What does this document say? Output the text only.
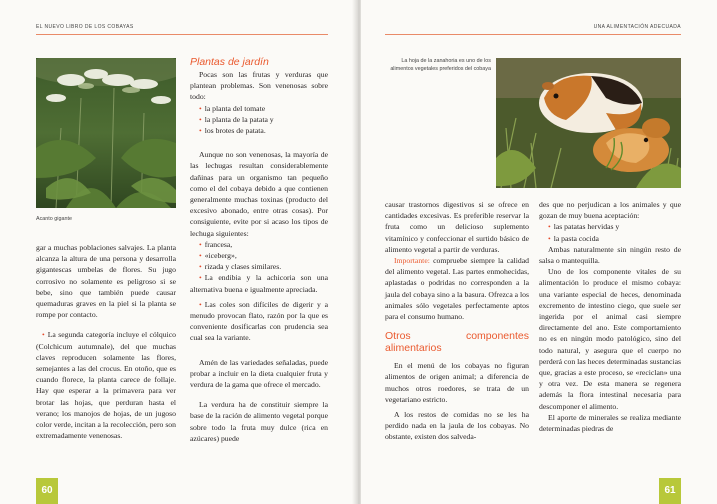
EL NUEVO LIBRO DE LOS COBAYAS
Acanto gigante

gar a muchas poblaciones salvajes. La planta alcanza la altura de una persona y desarrolla gigantescas umbelas de flores. Su jugo corrosivo no solamente es peligroso si se bebe, sino que también puede causar quemaduras graves en la piel si la planta se rompe por contacto.

• La segunda categoría incluye el cólquico (Colchicum autumnale), del que muchas claves reproducen solamente las flores, semejantes a las del crocus. En otoño, que es cuando florece, la planta carece de follaje. Hay que esperar a la primavera para ver brotar las hojas, que perduran hasta el verano; los manojos de hojas, de un jugoso color verde, incitan a la recolección, pero son extremadamente venenosas.
Plantas de jardín

Pocas son las frutas y verduras que plantean problemas. Son venenosas sobre todo:

• la planta del tomate
• la planta de la patata y
• los brotes de patata.

Aunque no son venenosas, la mayoría de las lechugas resultan considerablemente dañinas para un organismo tan pequeño como el del cobaya debido a que contienen generalmente muchas toxinas (producto del excesivo abonado, entre otras cosas). Por consiguiente, evite por si acaso los tipos de lechuga siguientes:

• francesa,
• «iceberg»,
• rizada y clases similares.
• La endibia y la achicoria son una alternativa buena e igualmente apreciada.
• Las coles son difíciles de digerir y a menudo provocan flato, razón por la que es conveniente dosificarlas con prudencia sea cual sea la variante.

Amén de las variedades señaladas, puede probar a incluir en la dieta cualquier fruta y verdura de la gama que ofrece el mercado.

La verdura ha de constituir siempre la base de la ración de alimento vegetal porque sobre todo la fruta muy dulce (rica en azúcares) puede

60
UNA ALIMENTACIÓN ADECUADA
La hoja de la zanahoria es uno de los alimentos vegetales preferidos del cobaya

causar trastornos digestivos si se ofrece en cantidades excesivas. Es preferible reservar la fruta como un delicioso suplemento vitamínico y confeccionar el surtido básico de alimento vegetal a partir de verduras.

Importante: compruebe siempre la calidad del alimento vegetal. Las partes enmohecidas, aplastadas o podridas no corresponden a la jaula del cobaya sino a la basura. Ofrezca a los animales sólo vegetales perfectamente aptos para el consumo humano.

Otros componentes alimentarios

En el menú de los cobayas no figuran alimentos de origen animal; a diferencia de muchos otros roedores, se trata de un vegetariano estricto.

A los restos de comidas no se les ha perdido nada en la jaula de los cobayas. No obstante, existen dos salveda-

des que no perjudican a los animales y que gozan de muy buena aceptación:

• las patatas hervidas y
• la pasta cocida

Ambas naturalmente sin ningún resto de salsa o mantequilla.

Uno de los componente vitales de su alimentación lo produce el mismo cobaya: una variante especial de heces, denominada excremento de intestino ciego, que suele ser ingerida por el animal casi siempre directamente del ano. Este comportamiento no es en ningún modo patológico, sino del todo natural, y asegura que el cuerpo no perderá con las heces determinadas sustancias que, gracias a este proceso, se «reciclan» una y otra vez. De esta manera se regenera además la flora intestinal necesaria para descomponer el alimento.

El aporte de minerales se realiza mediante determinadas piedras de

61
